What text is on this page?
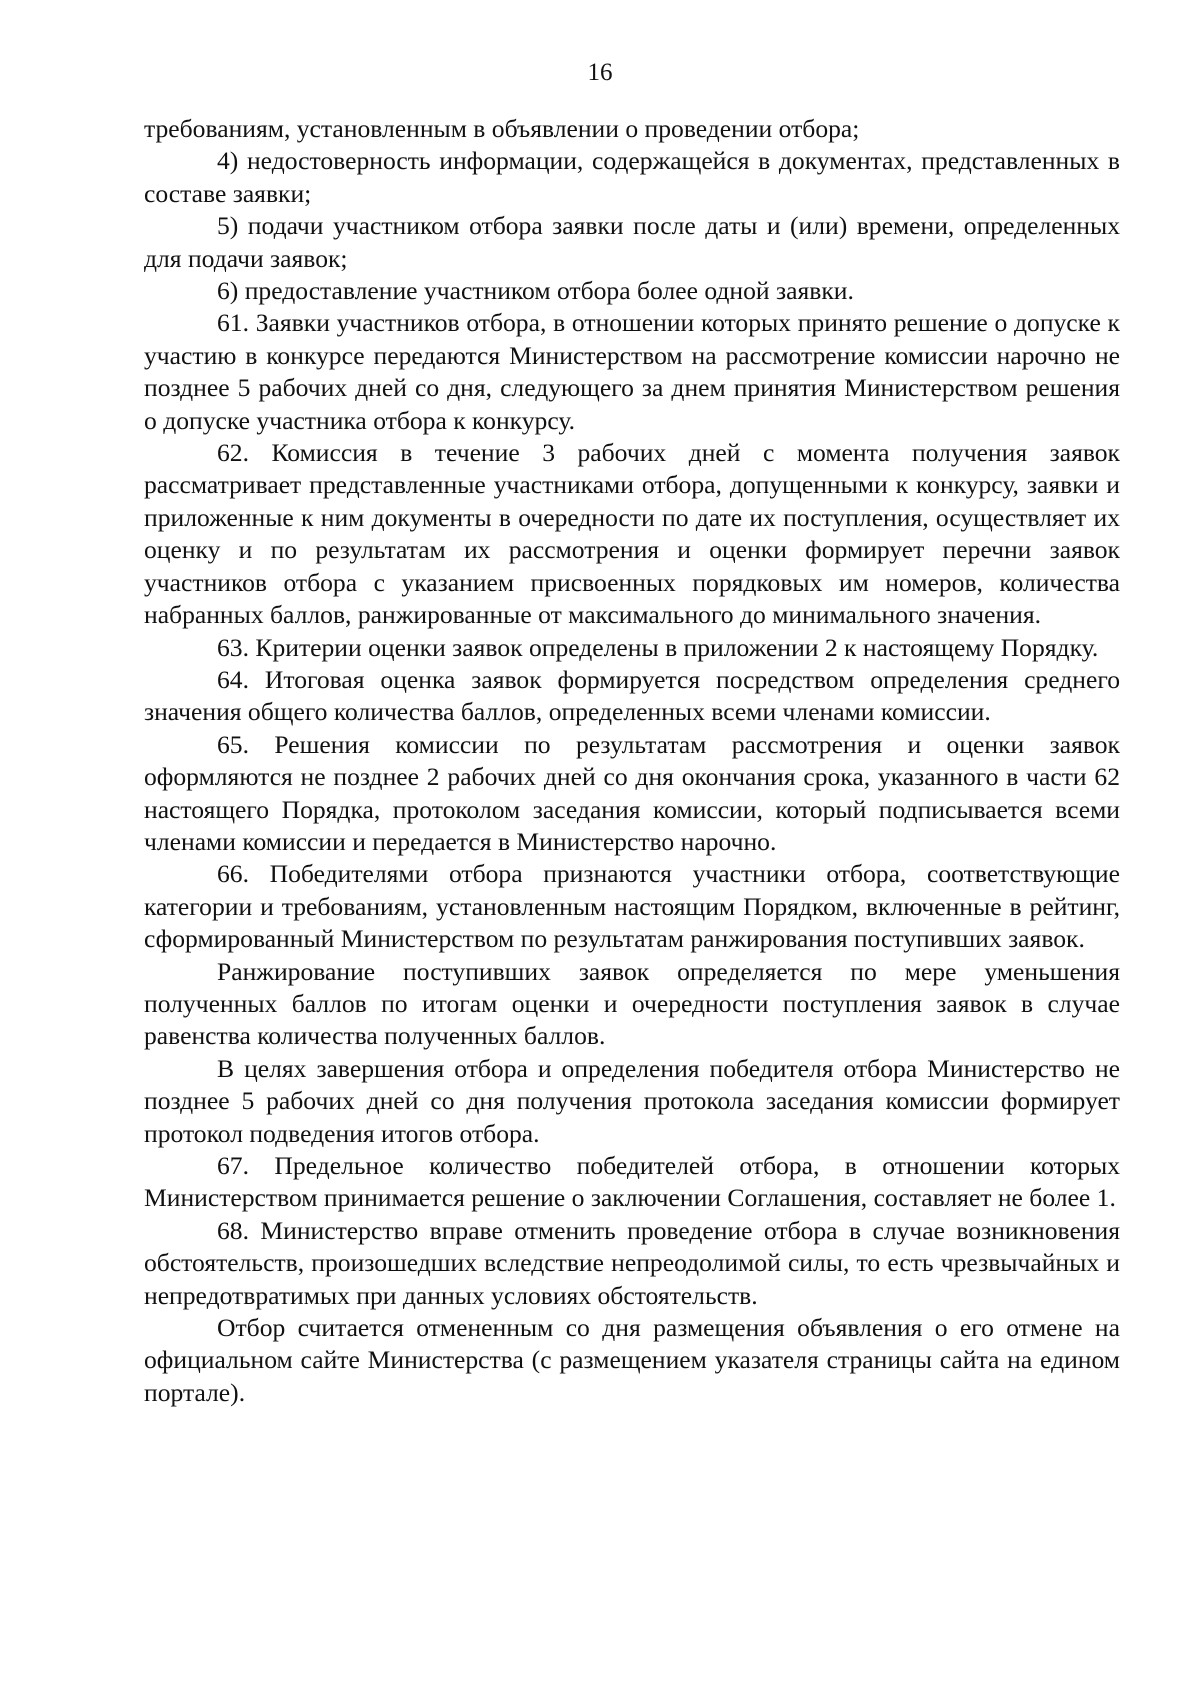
16

требованиям, установленным в объявлении о проведении отбора;

4) недостоверность информации, содержащейся в документах, представленных в составе заявки;

5) подачи участником отбора заявки после даты и (или) времени, определенных для подачи заявок;

6) предоставление участником отбора более одной заявки.

61. Заявки участников отбора, в отношении которых принято решение о допуске к участию в конкурсе передаются Министерством на рассмотрение комиссии нарочно не позднее 5 рабочих дней со дня, следующего за днем принятия Министерством решения о допуске участника отбора к конкурсу.

62. Комиссия в течение 3 рабочих дней с момента получения заявок рассматривает представленные участниками отбора, допущенными к конкурсу, заявки и приложенные к ним документы в очередности по дате их поступления, осуществляет их оценку и по результатам их рассмотрения и оценки формирует перечни заявок участников отбора с указанием присвоенных порядковых им номеров, количества набранных баллов, ранжированные от максимального до минимального значения.

63. Критерии оценки заявок определены в приложении 2 к настоящему Порядку.

64. Итоговая оценка заявок формируется посредством определения среднего значения общего количества баллов, определенных всеми членами комиссии.

65. Решения комиссии по результатам рассмотрения и оценки заявок оформляются не позднее 2 рабочих дней со дня окончания срока, указанного в части 62 настоящего Порядка, протоколом заседания комиссии, который подписывается всеми членами комиссии и передается в Министерство нарочно.

66. Победителями отбора признаются участники отбора, соответствующие категории и требованиям, установленным настоящим Порядком, включенные в рейтинг, сформированный Министерством по результатам ранжирования поступивших заявок.

Ранжирование поступивших заявок определяется по мере уменьшения полученных баллов по итогам оценки и очередности поступления заявок в случае равенства количества полученных баллов.

В целях завершения отбора и определения победителя отбора Министерство не позднее 5 рабочих дней со дня получения протокола заседания комиссии формирует протокол подведения итогов отбора.

67. Предельное количество победителей отбора, в отношении которых Министерством принимается решение о заключении Соглашения, составляет не более 1.

68. Министерство вправе отменить проведение отбора в случае возникновения обстоятельств, произошедших вследствие непреодолимой силы, то есть чрезвычайных и непредотвратимых при данных условиях обстоятельств.

Отбор считается отмененным со дня размещения объявления о его отмене на официальном сайте Министерства (с размещением указателя страницы сайта на едином портале).
